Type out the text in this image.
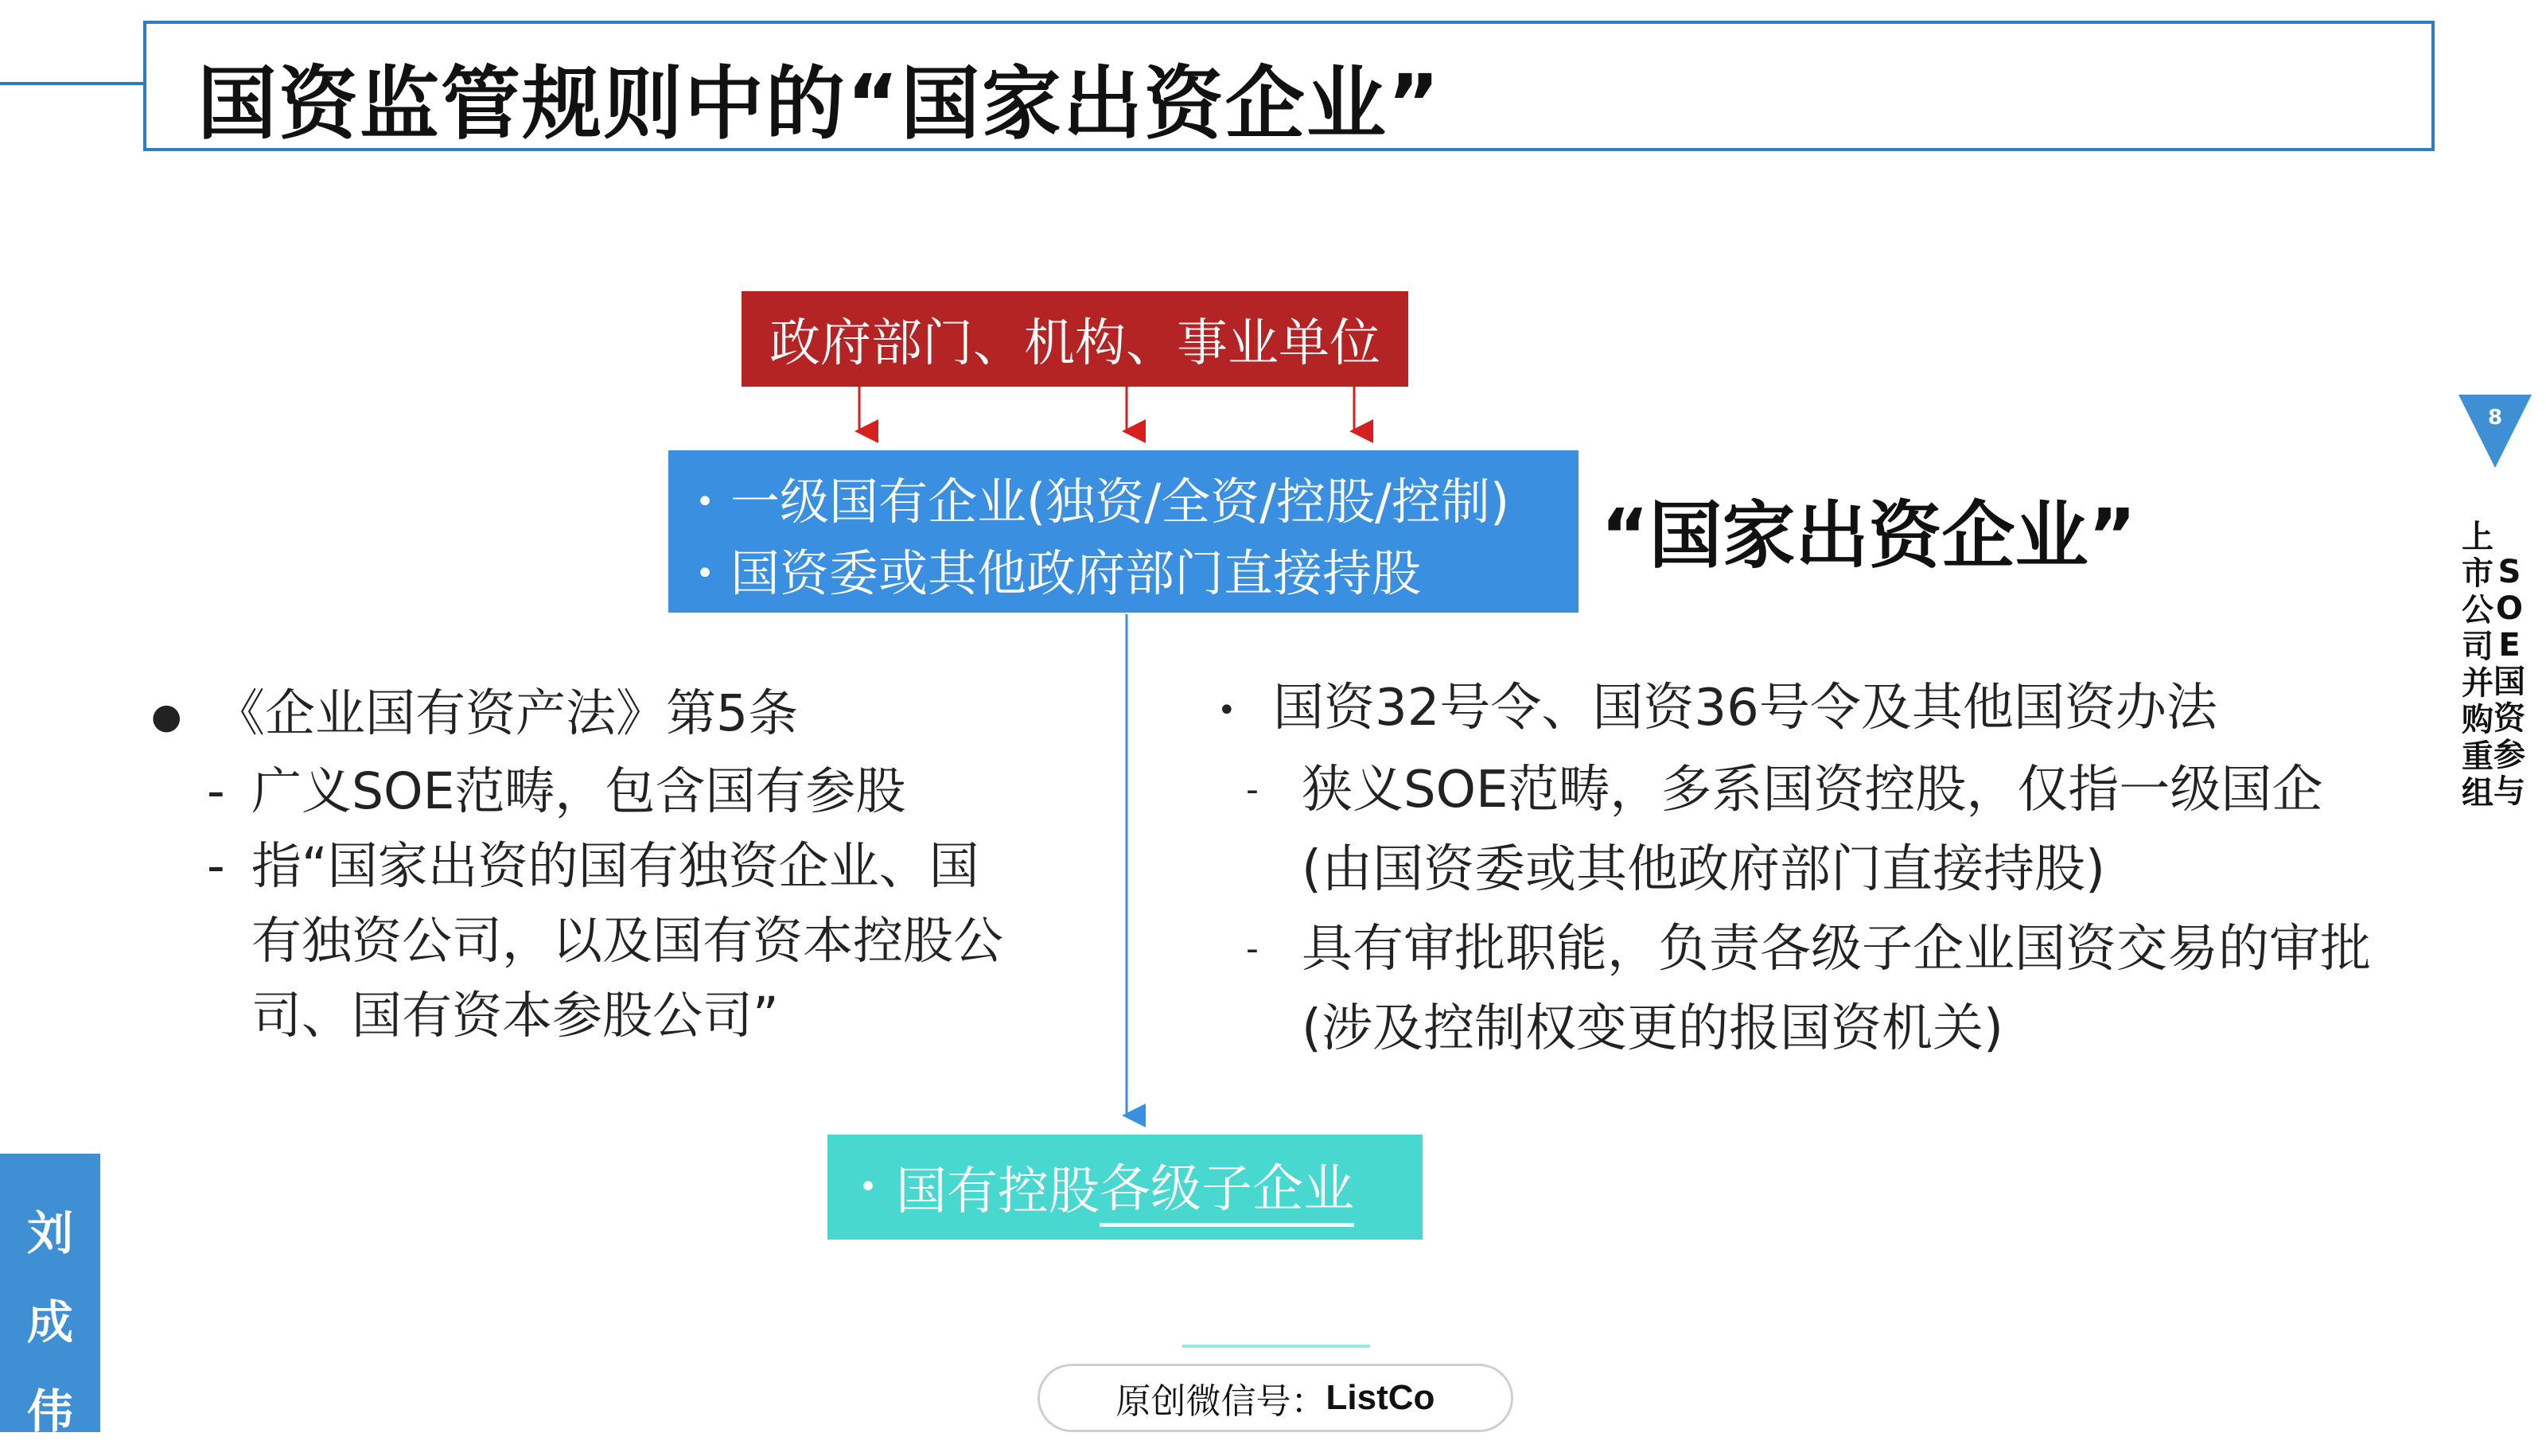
国资监管规则中的“国家出资企业”
政府部门、机构、事业单位
• 一级国有企业(独资/全资/控股/控制)
• 国资委或其他政府部门直接持股 “国家出资企业”
● 《企业国有资产法》第5条
- 广义SOE范畴，包含国有参股
- 指“国家出资的国有独资企业、国有独资公司，以及国有资本控股公司、国有资本参股公司”
• 国资32号令、国资36号令及其他国资办法
- 狭义SOE范畴，多系国资控股，仅指一级国企(由国资委或其他政府部门直接持股)
- 具有审批职能，负责各级子企业国资交易的审批(涉及控制权变更的报国资机关)
• 国有控股 各级子企业
8
S
O
E
国
资
参
与
上
市
公
司
并
购
重
组
刘
成
伟	原创微信号： ListCo
